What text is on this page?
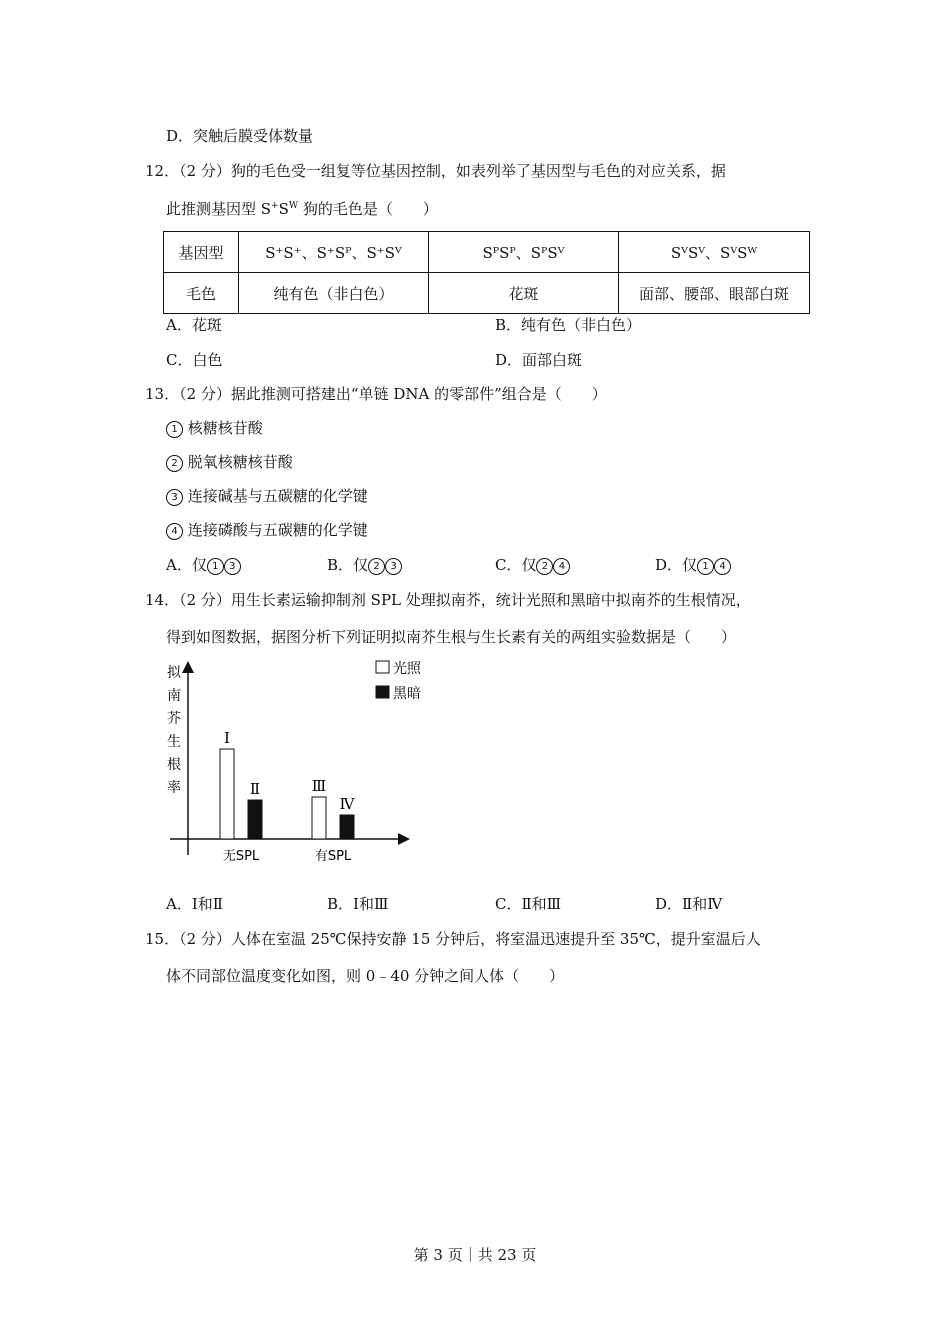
D．突触后膜受体数量
12．（2 分）狗的毛色受一组复等位基因控制，如表列举了基因型与毛色的对应关系，据
此推测基因型 $S^+S^W$ 狗的毛色是（　　）
基因型	S⁺S⁺、S⁺Sᴾ、S⁺Sⱽ	SᴾSᴾ、SᴾSⱽ	SⱽSⱽ、SⱽSᵂ
毛色	纯有色（非白色）	花斑	面部、腰部、眼部白斑
A．花斑	B．纯有色（非白色）
C．白色	D．面部白斑
13．（2 分）据此推测可搭建出“单链 DNA 的零部件”组合是（　　）
1 核糖核苷酸
2 脱氧核糖核苷酸
3 连接碱基与五碳糖的化学键
4 连接磷酸与五碳糖的化学键
A．仅 1 3	B．仅 2 3	C．仅 2 4	D．仅 1 4
14．（2 分）用生长素运输抑制剂 SPL 处理拟南芥，统计光照和黑暗中拟南芥的生根情况，
得到如图数据，据图分析下列证明拟南芥生根与生长素有关的两组实验数据是（　　）
拟
南
芥
生
根
率
Ⅰ
Ⅱ
无SPL
Ⅲ
Ⅳ
有SPL
光照
黑暗
A．Ⅰ和Ⅱ	B．Ⅰ和Ⅲ	C．Ⅱ和Ⅲ	D．Ⅱ和Ⅳ
15．（2 分）人体在室温 25℃保持安静 15 分钟后，将室温迅速提升至 35℃，提升室温后人
体不同部位温度变化如图，则 0﹣40 分钟之间人体（　　）
第 3 页｜共 23 页
